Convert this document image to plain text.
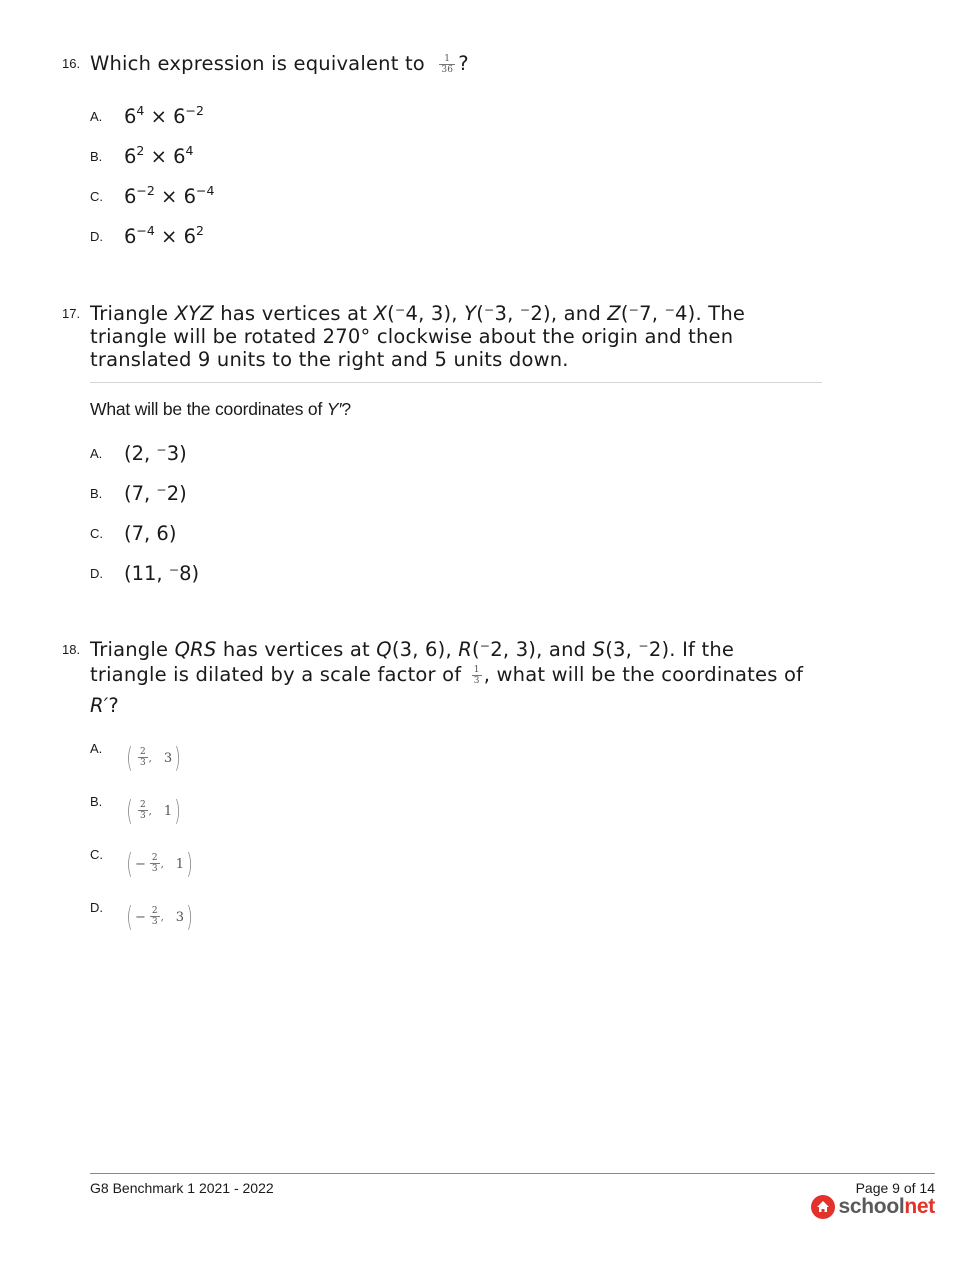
16. Which expression is equivalent to $\frac{1}{36}$ ?
A. $6^4 \times 6^{-2}$
B. $6^2 \times 6^4$
C. $6^{-2} \times 6^{-4}$
D. $6^{-4} \times 6^2$
17. Triangle XYZ has vertices at X(⁻4, 3), Y(⁻3, ⁻2), and Z(⁻7, ⁻4). The
triangle will be rotated 270° clockwise about the origin and then
translated 9 units to the right and 5 units down.
What will be the coordinates of Y′?
A. (2, ⁻3)
B. (7, ⁻2)
C. (7, 6)
D. (11, ⁻8)
18. Triangle QRS has vertices at Q(3, 6), R(⁻2, 3), and S(3, ⁻2). If the
triangle is dilated by a scale factor of $\frac{1}{3}$ , what will be the coordinates of
R′?
A. ( $\frac{2}{3}$ , 3 )
B. ( $\frac{2}{3}$ , 1 )
C. ( − $\frac{2}{3}$ , 1 )
D. ( − $\frac{2}{3}$ , 3 )
G8 Benchmark 1 2021 - 2022	Page 9 of 14
schoolnet
